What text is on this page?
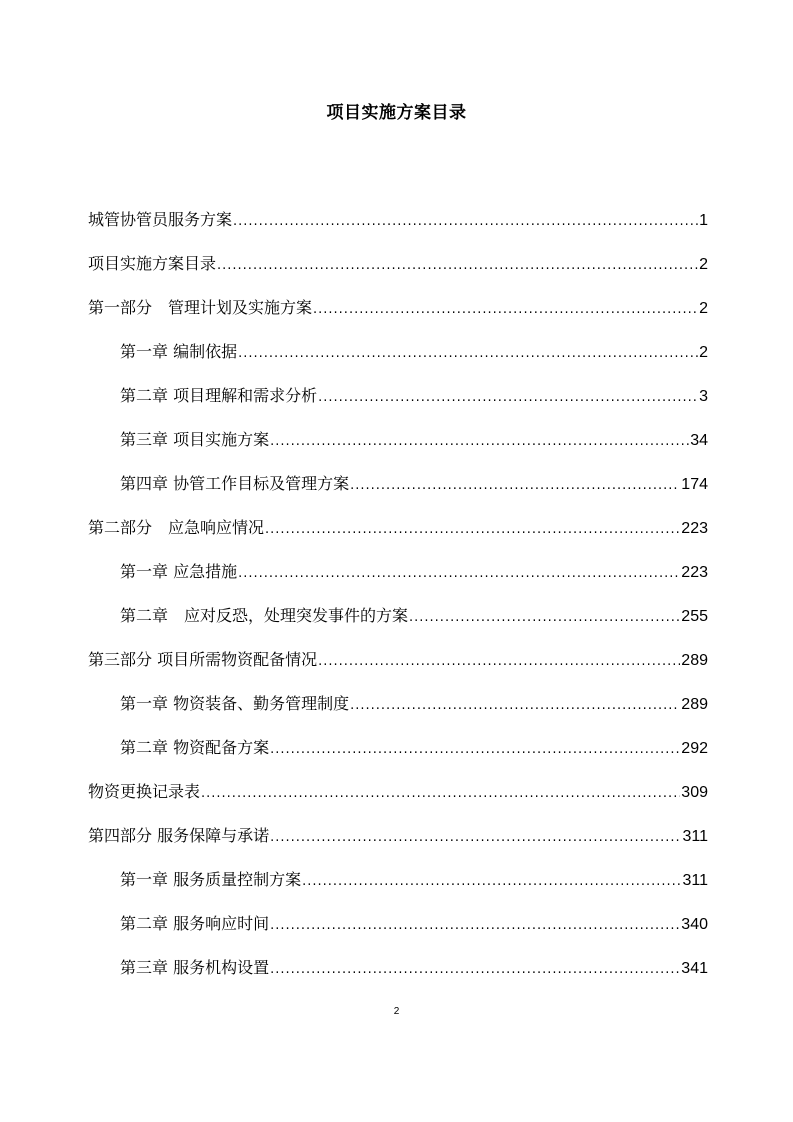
项目实施方案目录
城管协管员服务方案 .....	1
项目实施方案目录 .....	2
第一部分　管理计划及实施方案 .....	2
第一章 编制依据 .....	2
第二章 项目理解和需求分析 .....	3
第三章 项目实施方案 .....	34
第四章 协管工作目标及管理方案 .....	174
第二部分　应急响应情况 .....	223
第一章 应急措施 .....	223
第二章　应对反恐，处理突发事件的方案 .....	255
第三部分 项目所需物资配备情况 .....	289
第一章 物资装备、勤务管理制度 .....	289
第二章 物资配备方案 .....	292
物资更换记录表 .....	309
第四部分 服务保障与承诺 .....	311
第一章 服务质量控制方案 .....	311
第二章 服务响应时间 .....	340
第三章 服务机构设置 .....	341
2
